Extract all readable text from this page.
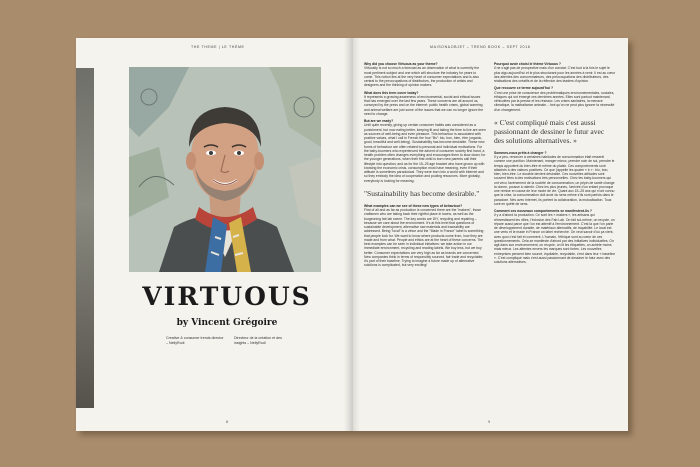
THE THEME | LE THÈME
VIRTUOUS
by Vincent Grégoire
Creative & consumer trends director – NellyRodi
Directeur de la création et des insights – NellyRodi
8
MAISON&OBJET – TREND BOOK – SEPT 2018

Why did you choose Virtuous as your theme?
Virtuosity is not so much a forecast as an observation of what is currently the most pertinent subject and one which will structure the industry for years to come. This notion lies at the very heart of consumer expectations and is also central to the preoccupations of distributors, the production of artists and designers and the thinking of opinion makers.

What does this term cover today?
It represents a growing awareness of environmental, social and ethical issues that has emerged over the last few years. These concerns are all around us, conveyed by the press and on the internet: public health crises, global warming and animal welfare are just some of the issues that we can no longer ignore the need to change.

But are we ready?
Until quite recently, giving up certain consumer habits was considered as a punishment, but now eating better, keeping fit and taking the time to live are seen as sources of well-being and even pleasure. This behaviour is associated with positive values, what I call in French the four "Bs": bio, bon, bien, être (organic, good, beautiful and well-being). Sustainability has become desirable. These new forms of behaviour are often related to personal and individual motivations. For the baby-boomers who experienced the advent of consumer society first hand, a health problem often changes everything and encourages them to slow down; for the younger generations, when their first child is born new parents call their lifestyle into question; and as for the 15–25 age bracket who have grown up with knowing the economic crisis, consumption must have meaning, even if their attitude is sometimes paradoxical. They were born into a world with Internet and so they embody the idea of cooperation and pooling resources. More globally, everybody is looking for meaning.

"Sustainability has become desirable."

What examples can we see of these new types of behaviour?
First of all and as far as production is concerned there are the "makers", those craftsmen who are taking back their rightful place in towns, as well as the burgeoning fab lab scene. The key words are DIY, recycling and repairing – because we care about the environment. It's at this level that questions of sustainable development, alternative raw materials and traceability are addressed. Being "local" is a virtue and the "Made in France" label is something that people look for. We want to know where products come from, how they are made and from what. People and ethics are at the heart of these concerns. The best examples can be seen in individual initiatives: we take action in our immediate environment, recycling and reading labels. We buy less, but we buy better. Consumer expectations are very high as far as brands are concerned. New companies think in terms of responsibly sourced, fair trade and recyclable; it's part of their baseline. Trying to imagine a future made up of alternative solutions is complicated, but very exciting!

Pourquoi avoir choisi le thème Virtuous ?
Il ne s'agit pas de prospective mais d'un constat. C'est tout à la fois le sujet le plus aigu aujourd'hui et le plus structurant pour les années à venir. Il est au cœur des attentes des consommateurs, des préoccupations des distributeurs, des réalisations des créatifs et de la réflexion des leaders d'opinion.

Que recouvre ce terme aujourd'hui ?
C'est une prise de conscience des problématiques environnementales, sociales, éthiques qui ont émergé ces dernières années. Elles sont partout maintenant, véhiculées par la presse et les réseaux. Les crises sanitaires, la menace climatique, la maltraitance animale... font qu'on ne peut plus ignorer la nécessité d'un changement.

« C'est compliqué mais c'est aussi passionnant de dessiner le futur avec des solutions alternatives. »

Sommes-nous prêts à changer ?
Il y a peu, renoncer à certaines habitudes de consommation était ressenti comme une punition. Maintenant, manger mieux, prendre soin de soi, prendre le temps apportent du bien-être et même du plaisir. Ces comportements sont attachés à des valeurs positives. Ce que j'appelle les quatre « b » : bio, bon, bien, bien-être. Le durable devient désirable. Ces nouvelles attitudes sont souvent liées à des motivations très personnelles. Chez les baby-boomers qui ont vécu l'avènement de la société de consommation, un pépin de santé change la donne, pousse à ralentir. Chez les plus jeunes, l'arrivée d'un enfant provoque une remise en cause de leur mode de vie. Quant aux 15–25 ans qui n'ont connu que la crise, la consommation doit avoir du sens même s'ils sont parfois dans le paradoxe. Nés avec Internet, ils portent la collaboration, la mutualisation. Tous sont en quête de sens.

Comment ces nouveaux comportements se manifestent-ils ?
Il y a d'abord la production. Ce sont les « makers », les artisans qui réinvestissent les villes, l'éclosion des Fab Lab. On fait soi-même, on recycle, on répare aussi parce que l'on est attentif à l'environnement. C'est là que l'on parle de développement durable, de matériaux alternatifs, de traçabilité. Le local est une vertu et le made in France un label recherché. On veut savoir d'où ça vient, avec quoi c'est fait et comment. L'humain, l'éthique sont au cœur de ces questionnements. Cela se manifeste d'abord par des initiatives individuelles. On agit dans son environnement, on recycle, on lit les étiquettes, on achète moins mais mieux. Les attentes envers les marques sont fortes. Les nouvelles entreprises pensent bien sourcé, équitable, recyclable, c'est dans leur « baseline ». C'est compliqué mais c'est aussi passionnant de dessiner le futur avec des solutions alternatives.

9
